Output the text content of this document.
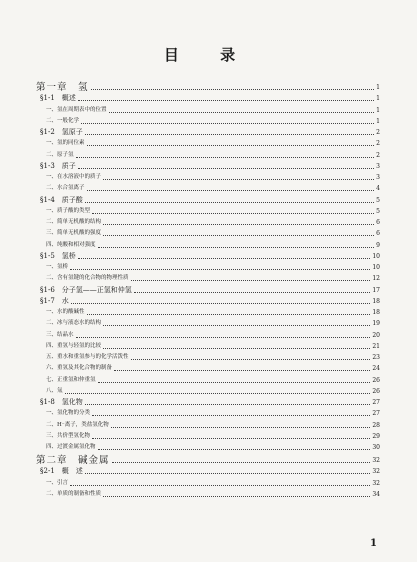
目 录
第一章　氢	1
§1-1　概述	1
一、氢在周期表中的位置	1
二、一般化学	1
§1-2　氢原子	2
一、氢的同位素	2
二、原子氢	2
§1-3　质子	3
一、在水溶液中的质子	3
二、水合氢离子	4
§1-4　质子酸	5
一、质子酸的类型	5
二、简单无机酸的结构	6
三、简单无机酸的强度	6
四、纯酸和相对强度	9
§1-5　氢桥	10
一、氢桥	10
二、含有氢键的化合物的物理性质	12
§1-6　分子氢——正氢和仲氢	17
§1-7　水	18
一、水的酸碱性	18
二、冰与液态水的结构	19
三、结晶水	20
四、重氢与轻氢的比较	21
五、重水和重氢参与的化学活泼性	23
六、重氢及其化合物的制备	24
七、正重氢和仲重氢	26
八、氚	26
§1-8　氢化物	27
一、氢化物的分类	27
二、H⁻离子，类盐氢化物	28
三、共价型氢化物	29
四、过渡金属氢化物	30
第二章　碱金属	32
§2-1　概　述	32
一、引言	32
二、单质的制备和性质	34
1
